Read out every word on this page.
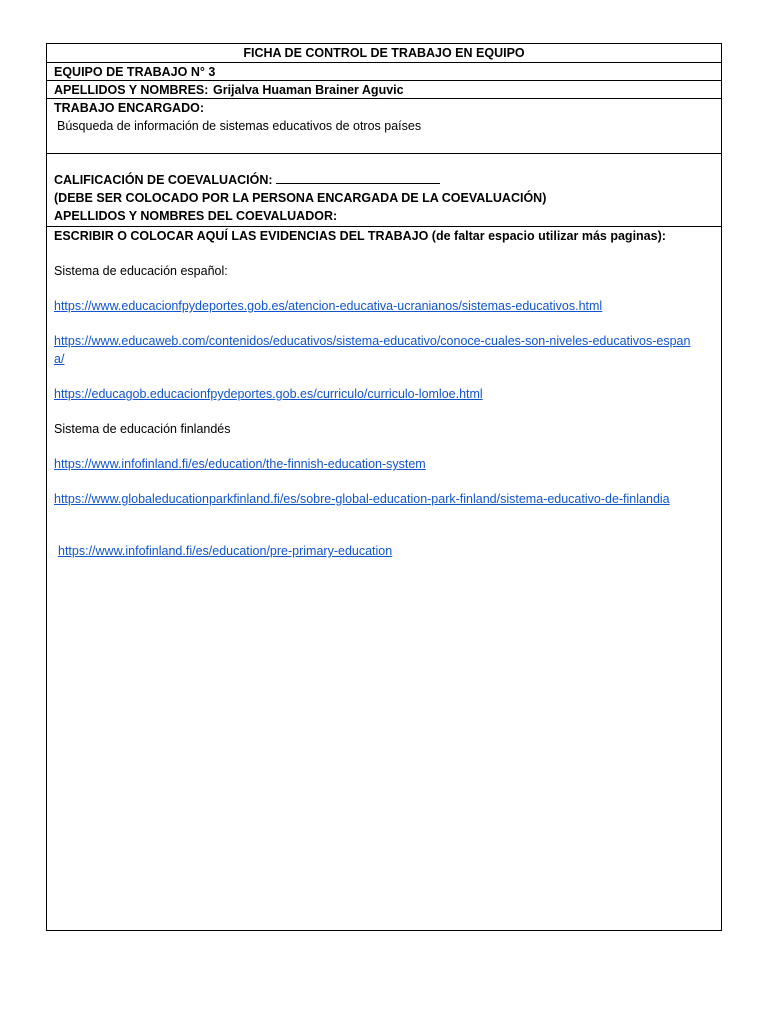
FICHA DE CONTROL DE TRABAJO EN EQUIPO
EQUIPO DE TRABAJO N° 3
APELLIDOS Y NOMBRES: Grijalva Huaman Brainer Aguvic
TRABAJO ENCARGADO:
Búsqueda de información de sistemas educativos de otros países
CALIFICACIÓN DE COEVALUACIÓN:
(DEBE SER COLOCADO POR LA PERSONA ENCARGADA DE LA COEVALUACIÓN)
APELLIDOS Y NOMBRES DEL COEVALUADOR:
ESCRIBIR O COLOCAR AQUÍ LAS EVIDENCIAS DEL TRABAJO (de faltar espacio utilizar más paginas):

Sistema de educación español:

https://www.educacionfpydeportes.gob.es/atencion-educativa-ucranianos/sistemas-educativos.html

https://www.educaweb.com/contenidos/educativos/sistema-educativo/conoce-cuales-son-niveles-educativos-espana/

https://educagob.educacionfpydeportes.gob.es/curriculo/curriculo-lomloe.html

Sistema de educación finlandés

https://www.infofinland.fi/es/education/the-finnish-education-system

https://www.globaleducationparkfinland.fi/es/sobre-global-education-park-finland/sistema-educativo-de-finlandia

https://www.infofinland.fi/es/education/pre-primary-education
